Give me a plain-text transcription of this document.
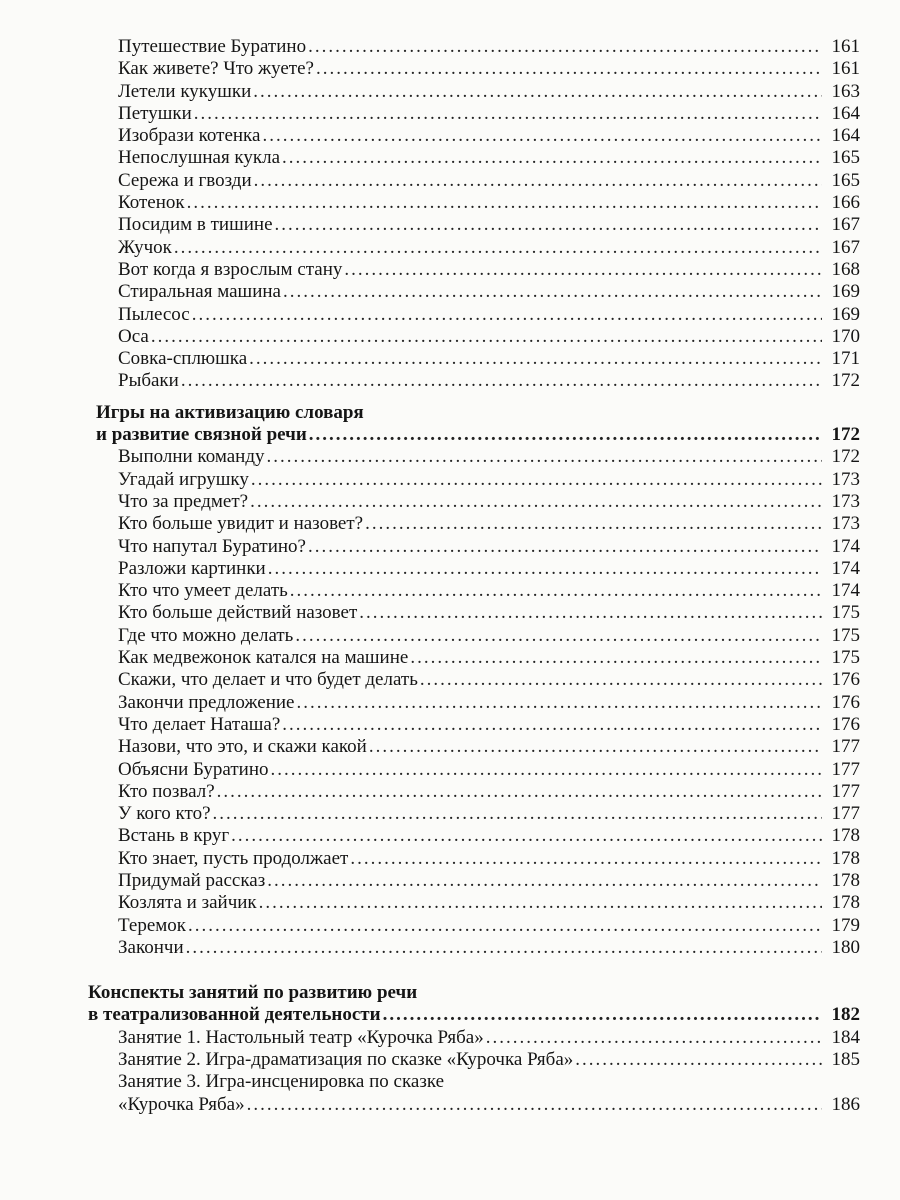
Путешествие Буратино .....	161
Как живете? Что жуете? .....	161
Летели кукушки .....	163
Петушки .....	164
Изобрази котенка .....	164
Непослушная кукла .....	165
Сережа и гвозди .....	165
Котенок .....	166
Посидим в тишине .....	167
Жучок .....	167
Вот когда я взрослым стану .....	168
Стиральная машина .....	169
Пылесос .....	169
Оса .....	170
Совка-сплюшка .....	171
Рыбаки .....	172
Игры на активизацию словаря
и развитие связной речи .....	172
Выполни команду .....	172
Угадай игрушку .....	173
Что за предмет? .....	173
Кто больше увидит и назовет? .....	173
Что напутал Буратино? .....	174
Разложи картинки .....	174
Кто что умеет делать .....	174
Кто больше действий назовет .....	175
Где что можно делать .....	175
Как медвежонок катался на машине .....	175
Скажи, что делает и что будет делать .....	176
Закончи предложение .....	176
Что делает Наташа? .....	176
Назови, что это, и скажи какой .....	177
Объясни Буратино .....	177
Кто позвал? .....	177
У кого кто? .....	177
Встань в круг .....	178
Кто знает, пусть продолжает .....	178
Придумай рассказ .....	178
Козлята и зайчик .....	178
Теремок .....	179
Закончи .....	180
Конспекты занятий по развитию речи
в театрализованной деятельности .....	182
Занятие 1. Настольный театр «Курочка Ряба» .....	184
Занятие 2. Игра-драматизация по сказке «Курочка Ряба» .....	185
Занятие 3. Игра-инсценировка по сказке
«Курочка Ряба» .....	186
